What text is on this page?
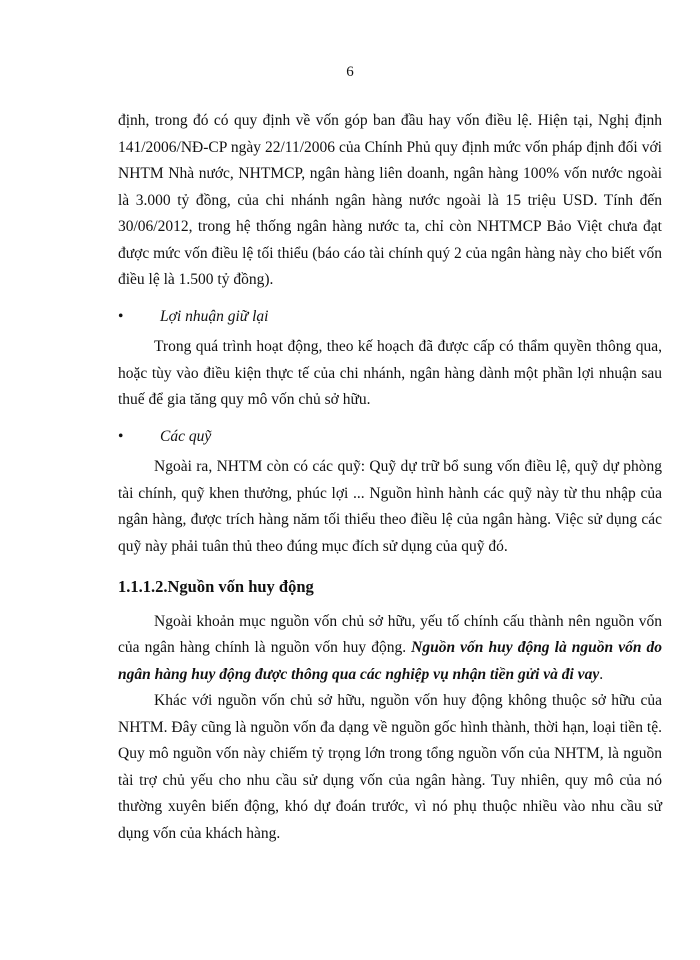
6

định, trong đó có quy định về vốn góp ban đầu hay vốn điều lệ. Hiện tại, Nghị định 141/2006/NĐ-CP ngày 22/11/2006 của Chính Phủ quy định mức vốn pháp định đối với NHTM Nhà nước, NHTMCP, ngân hàng liên doanh, ngân hàng 100% vốn nước ngoài là 3.000 tỷ đồng, của chi nhánh ngân hàng nước ngoài là 15 triệu USD. Tính đến 30/06/2012, trong hệ thống ngân hàng nước ta, chỉ còn NHTMCP Bảo Việt chưa đạt được mức vốn điều lệ tối thiểu (báo cáo tài chính quý 2 của ngân hàng này cho biết vốn điều lệ là 1.500 tỷ đồng).

• Lợi nhuận giữ lại

Trong quá trình hoạt động, theo kế hoạch đã được cấp có thẩm quyền thông qua, hoặc tùy vào điều kiện thực tế của chi nhánh, ngân hàng dành một phần lợi nhuận sau thuế để gia tăng quy mô vốn chủ sở hữu.

• Các quỹ

Ngoài ra, NHTM còn có các quỹ: Quỹ dự trữ bổ sung vốn điều lệ, quỹ dự phòng tài chính, quỹ khen thưởng, phúc lợi ... Nguồn hình hành các quỹ này từ thu nhập của ngân hàng, được trích hàng năm tối thiểu theo điều lệ của ngân hàng. Việc sử dụng các quỹ này phải tuân thủ theo đúng mục đích sử dụng của quỹ đó.

1.1.1.2.Nguồn vốn huy động

Ngoài khoản mục nguồn vốn chủ sở hữu, yếu tố chính cấu thành nên nguồn vốn của ngân hàng chính là nguồn vốn huy động. Nguồn vốn huy động là nguồn vốn do ngân hàng huy động được thông qua các nghiệp vụ nhận tiền gửi và đi vay.

Khác với nguồn vốn chủ sở hữu, nguồn vốn huy động không thuộc sở hữu của NHTM. Đây cũng là nguồn vốn đa dạng về nguồn gốc hình thành, thời hạn, loại tiền tệ. Quy mô nguồn vốn này chiếm tỷ trọng lớn trong tổng nguồn vốn của NHTM, là nguồn tài trợ chủ yếu cho nhu cầu sử dụng vốn của ngân hàng. Tuy nhiên, quy mô của nó thường xuyên biến động, khó dự đoán trước, vì nó phụ thuộc nhiều vào nhu cầu sử dụng vốn của khách hàng.
